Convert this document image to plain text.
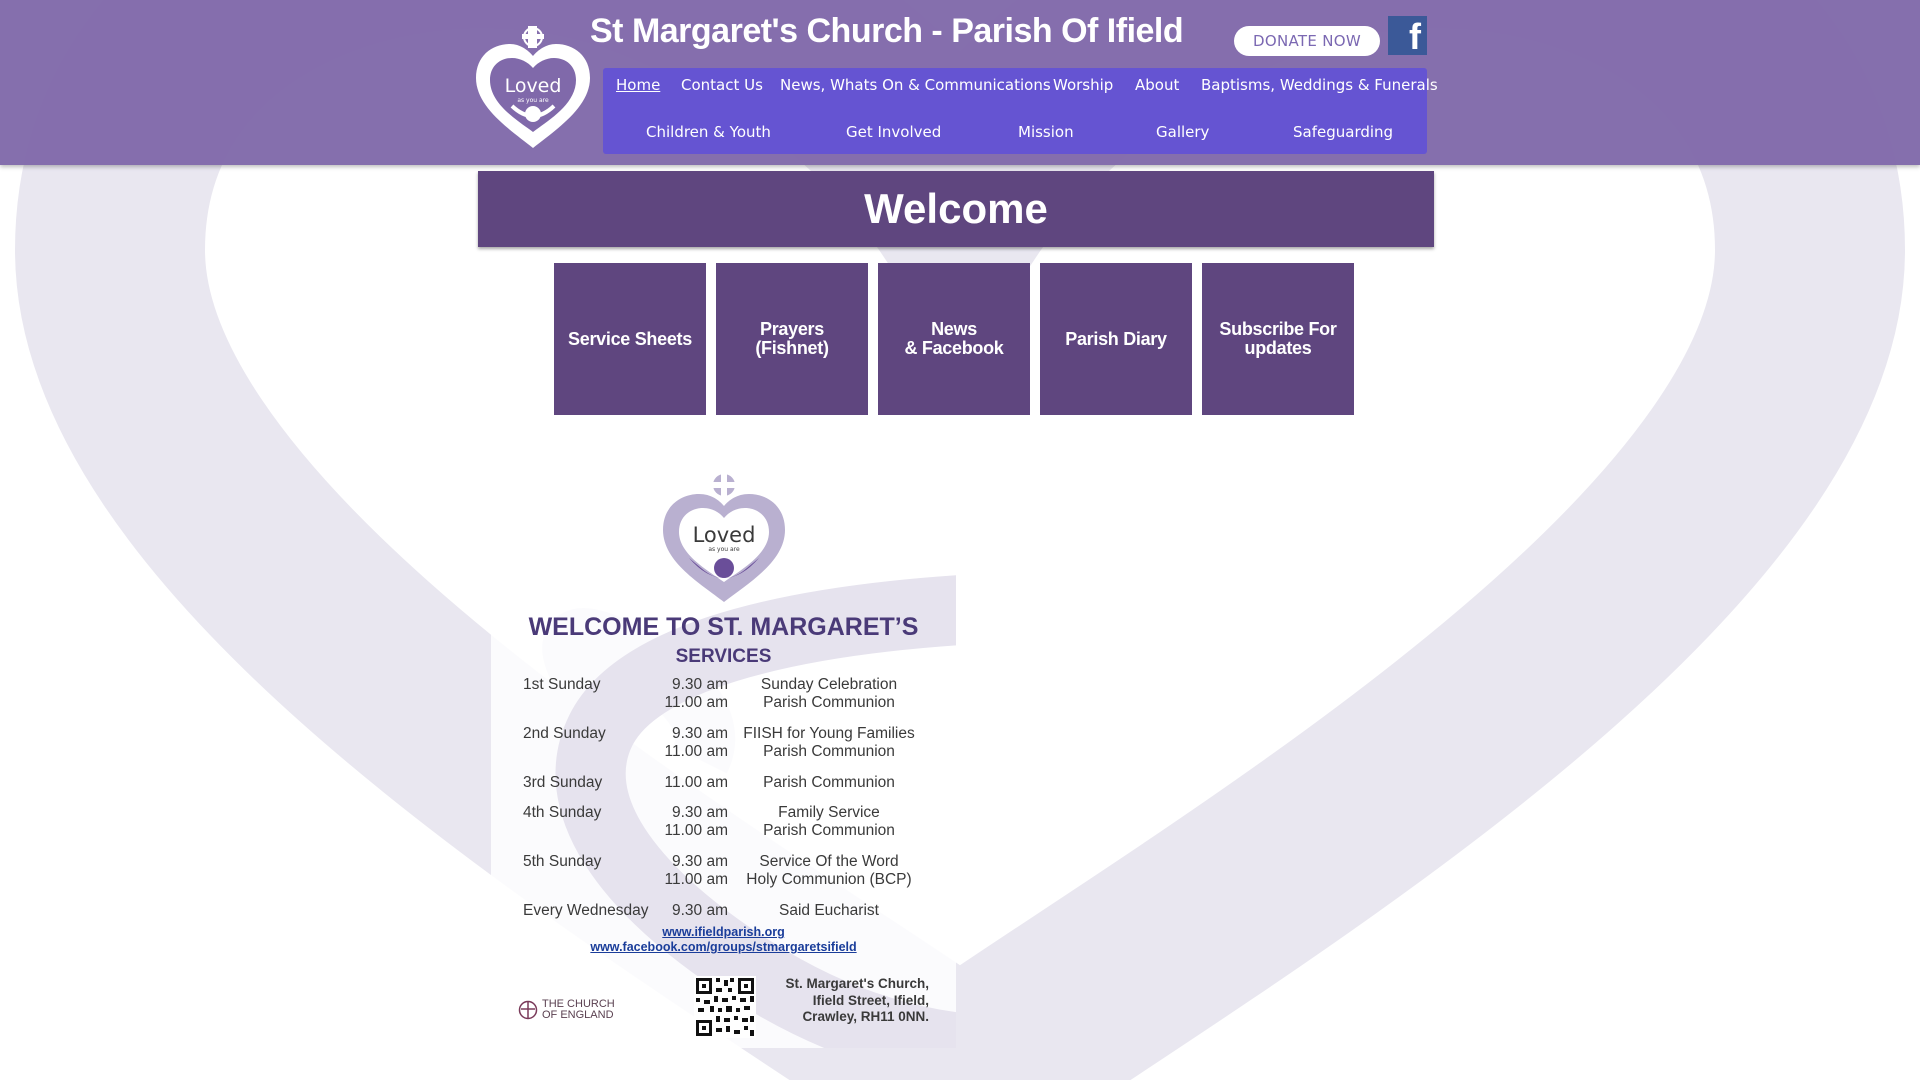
Loved
as you are
St Margaret's Church - Parish Of Ifield	DONATE NOW	f
Home Contact Us News, Whats On & Communications Worship About Baptisms, Weddings & Funerals
Children & Youth	Get Involved	Mission	Gallery	Safeguarding
Welcome
Service Sheets	Prayers
(Fishnet)
News
& Facebook	Parish Diary	Subscribe For
updates
Loved
as you are
WELCOME TO ST. MARGARET’S
SERVICES
1st Sunday	9.30 am	Sunday Celebration
11.00 am	Parish Communion
2nd Sunday	9.30 am FIISH for Young Families
11.00 am	Parish Communion
3rd Sunday	11.00 am	Parish Communion
4th Sunday	9.30 am	Family Service
11.00 am	Parish Communion
5th Sunday	9.30 am	Service Of the Word
11.00 am	Holy Communion (BCP)
Every Wednesday	9.30 am	Said Eucharist
www.ifieldparish.org
www.facebook.com/groups/stmargaretsifield
THE CHURCH
OF ENGLAND
St. Margaret's Church,
Ifield Street, Ifield,
Crawley, RH11 0NN.
